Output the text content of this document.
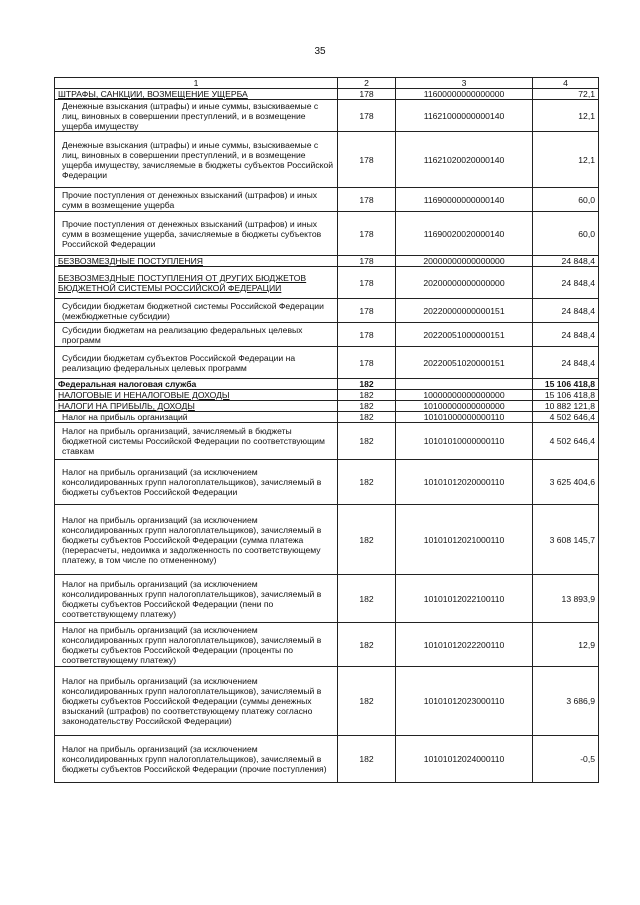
35
1	2	3	4
ШТРАФЫ, САНКЦИИ, ВОЗМЕЩЕНИЕ УЩЕРБА	178	11600000000000000	72,1
Денежные взыскания (штрафы) и иные суммы, взыскиваемые с лиц, виновных в совершении преступлений, и в возмещение ущерба имуществу	178	11621000000000140	12,1
Денежные взыскания (штрафы) и иные суммы, взыскиваемые с лиц, виновных в совершении преступлений, и в возмещение ущерба имуществу, зачисляемые в бюджеты субъектов Российской Федерации	178	11621020020000140	12,1
Прочие поступления от денежных взысканий (штрафов) и иных сумм в возмещение ущерба	178	11690000000000140	60,0
Прочие поступления от денежных взысканий (штрафов) и иных сумм в возмещение ущерба, зачисляемые в бюджеты субъектов Российской Федерации	178	11690020020000140	60,0
БЕЗВОЗМЕЗДНЫЕ ПОСТУПЛЕНИЯ	178	20000000000000000	24 848,4
БЕЗВОЗМЕЗДНЫЕ ПОСТУПЛЕНИЯ ОТ ДРУГИХ БЮДЖЕТОВ БЮДЖЕТНОЙ СИСТЕМЫ РОССИЙСКОЙ ФЕДЕРАЦИИ	178	20200000000000000	24 848,4
Субсидии бюджетам бюджетной системы Российской Федерации (межбюджетные субсидии)	178	20220000000000151	24 848,4
Субсидии бюджетам на реализацию федеральных целевых программ	178	20220051000000151	24 848,4
Субсидии бюджетам субъектов Российской Федерации на реализацию федеральных целевых программ	178	20220051020000151	24 848,4
Федеральная налоговая служба	182		15 106 418,8
НАЛОГОВЫЕ И НЕНАЛОГОВЫЕ ДОХОДЫ	182	10000000000000000	15 106 418,8
НАЛОГИ НА ПРИБЫЛЬ, ДОХОДЫ	182	10100000000000000	10 882 121,8
Налог на прибыль организаций	182	10101000000000110	4 502 646,4
Налог на прибыль организаций, зачисляемый в бюджеты бюджетной системы Российской Федерации по соответствующим ставкам	182	10101010000000110	4 502 646,4
Налог на прибыль организаций (за исключением консолидированных групп налогоплательщиков), зачисляемый в бюджеты субъектов Российской Федерации	182	10101012020000110	3 625 404,6
Налог на прибыль организаций (за исключением консолидированных групп налогоплательщиков), зачисляемый в бюджеты субъектов Российской Федерации (сумма платежа (перерасчеты, недоимка и задолженность по соответствующему платежу, в том числе по отмененному)	182	10101012021000110	3 608 145,7
Налог на прибыль организаций (за исключением консолидированных групп налогоплательщиков), зачисляемый в бюджеты субъектов Российской Федерации (пени по соответствующему платежу)	182	10101012022100110	13 893,9
Налог на прибыль организаций (за исключением консолидированных групп налогоплательщиков), зачисляемый в бюджеты субъектов Российской Федерации (проценты по соответствующему платежу)	182	10101012022200110	12,9
Налог на прибыль организаций (за исключением консолидированных групп налогоплательщиков), зачисляемый в бюджеты субъектов Российской Федерации (суммы денежных взысканий (штрафов) по соответствующему платежу согласно законодательству Российской Федерации)	182	10101012023000110	3 686,9
Налог на прибыль организаций (за исключением консолидированных групп налогоплательщиков), зачисляемый в бюджеты субъектов Российской Федерации (прочие поступления)	182	10101012024000110	-0,5
